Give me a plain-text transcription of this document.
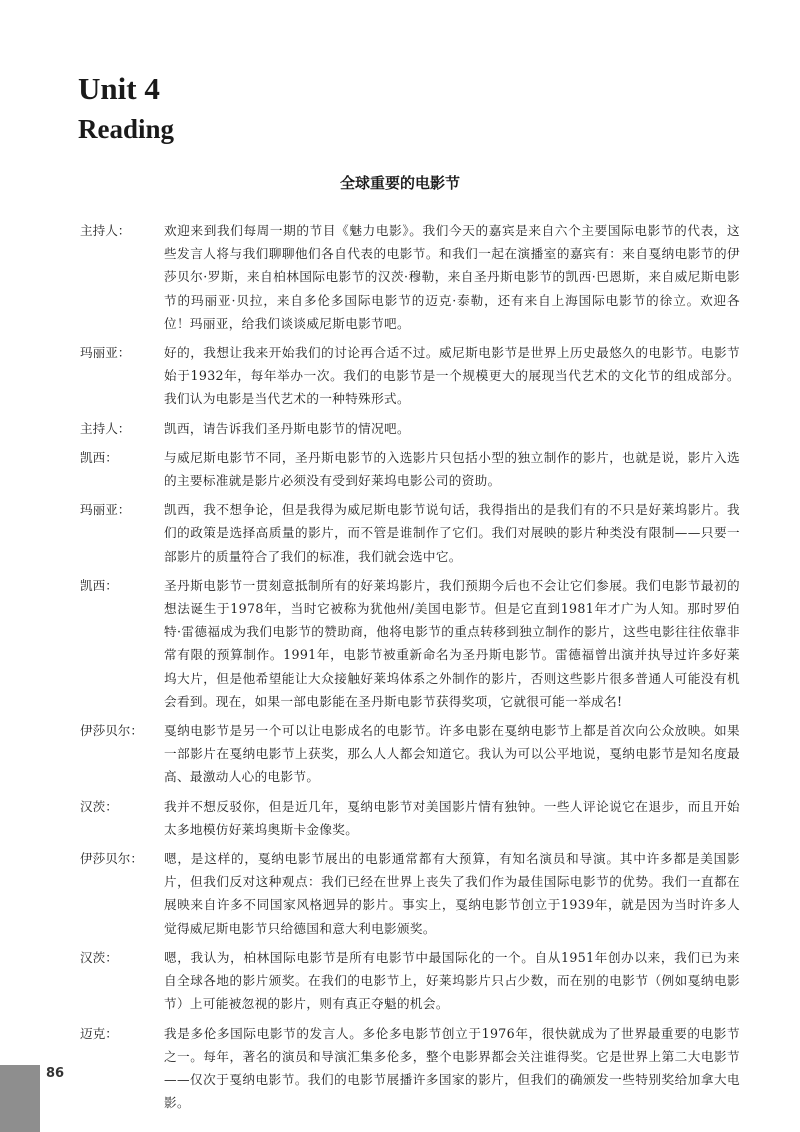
Unit 4
Reading
全球重要的电影节
主持人：	欢迎来到我们每周一期的节目《魅力电影》。我们今天的嘉宾是来自六个主要国际电影节的代表，这些发言人将与我们聊聊他们各自代表的电影节。和我们一起在演播室的嘉宾有：来自戛纳电影节的伊莎贝尔·罗斯，来自柏林国际电影节的汉茨·穆勒，来自圣丹斯电影节的凯西·巴恩斯，来自威尼斯电影节的玛丽亚·贝拉，来自多伦多国际电影节的迈克·泰勒，还有来自上海国际电影节的徐立。欢迎各位！玛丽亚，给我们谈谈威尼斯电影节吧。
玛丽亚：	好的，我想让我来开始我们的讨论再合适不过。威尼斯电影节是世界上历史最悠久的电影节。电影节始于1932年，每年举办一次。我们的电影节是一个规模更大的展现当代艺术的文化节的组成部分。我们认为电影是当代艺术的一种特殊形式。
主持人：	凯西，请告诉我们圣丹斯电影节的情况吧。
凯西：	与威尼斯电影节不同，圣丹斯电影节的入选影片只包括小型的独立制作的影片，也就是说，影片入选的主要标准就是影片必须没有受到好莱坞电影公司的资助。
玛丽亚：	凯西，我不想争论，但是我得为威尼斯电影节说句话，我得指出的是我们有的不只是好莱坞影片。我们的政策是选择高质量的影片，而不管是谁制作了它们。我们对展映的影片种类没有限制——只要一部影片的质量符合了我们的标准，我们就会选中它。
凯西：	圣丹斯电影节一贯刻意抵制所有的好莱坞影片，我们预期今后也不会让它们参展。我们电影节最初的想法诞生于1978年，当时它被称为犹他州/美国电影节。但是它直到1981年才广为人知。那时罗伯特·雷德福成为我们电影节的赞助商，他将电影节的重点转移到独立制作的影片，这些电影往往依靠非常有限的预算制作。1991年，电影节被重新命名为圣丹斯电影节。雷德福曾出演并执导过许多好莱坞大片，但是他希望能让大众接触好莱坞体系之外制作的影片，否则这些影片很多普通人可能没有机会看到。现在，如果一部电影能在圣丹斯电影节获得奖项，它就很可能一举成名!
伊莎贝尔：	戛纳电影节是另一个可以让电影成名的电影节。许多电影在戛纳电影节上都是首次向公众放映。如果一部影片在戛纳电影节上获奖，那么人人都会知道它。我认为可以公平地说，戛纳电影节是知名度最高、最激动人心的电影节。
汉茨：	我并不想反驳你，但是近几年，戛纳电影节对美国影片情有独钟。一些人评论说它在退步，而且开始太多地模仿好莱坞奥斯卡金像奖。
伊莎贝尔：	嗯，是这样的，戛纳电影节展出的电影通常都有大预算，有知名演员和导演。其中许多都是美国影片，但我们反对这种观点：我们已经在世界上丧失了我们作为最佳国际电影节的优势。我们一直都在展映来自许多不同国家风格迥异的影片。事实上，戛纳电影节创立于1939年，就是因为当时许多人觉得威尼斯电影节只给德国和意大利电影颁奖。
汉茨：	嗯，我认为，柏林国际电影节是所有电影节中最国际化的一个。自从1951年创办以来，我们已为来自全球各地的影片颁奖。在我们的电影节上，好莱坞影片只占少数，而在别的电影节（例如戛纳电影节）上可能被忽视的影片，则有真正夺魁的机会。
迈克：	我是多伦多国际电影节的发言人。多伦多电影节创立于1976年，很快就成为了世界最重要的电影节之一。每年，著名的演员和导演汇集多伦多，整个电影界都会关注谁得奖。它是世界上第二大电影节——仅次于戛纳电影节。我们的电影节展播许多国家的影片，但我们的确颁发一些特别奖给加拿大电影。
86
